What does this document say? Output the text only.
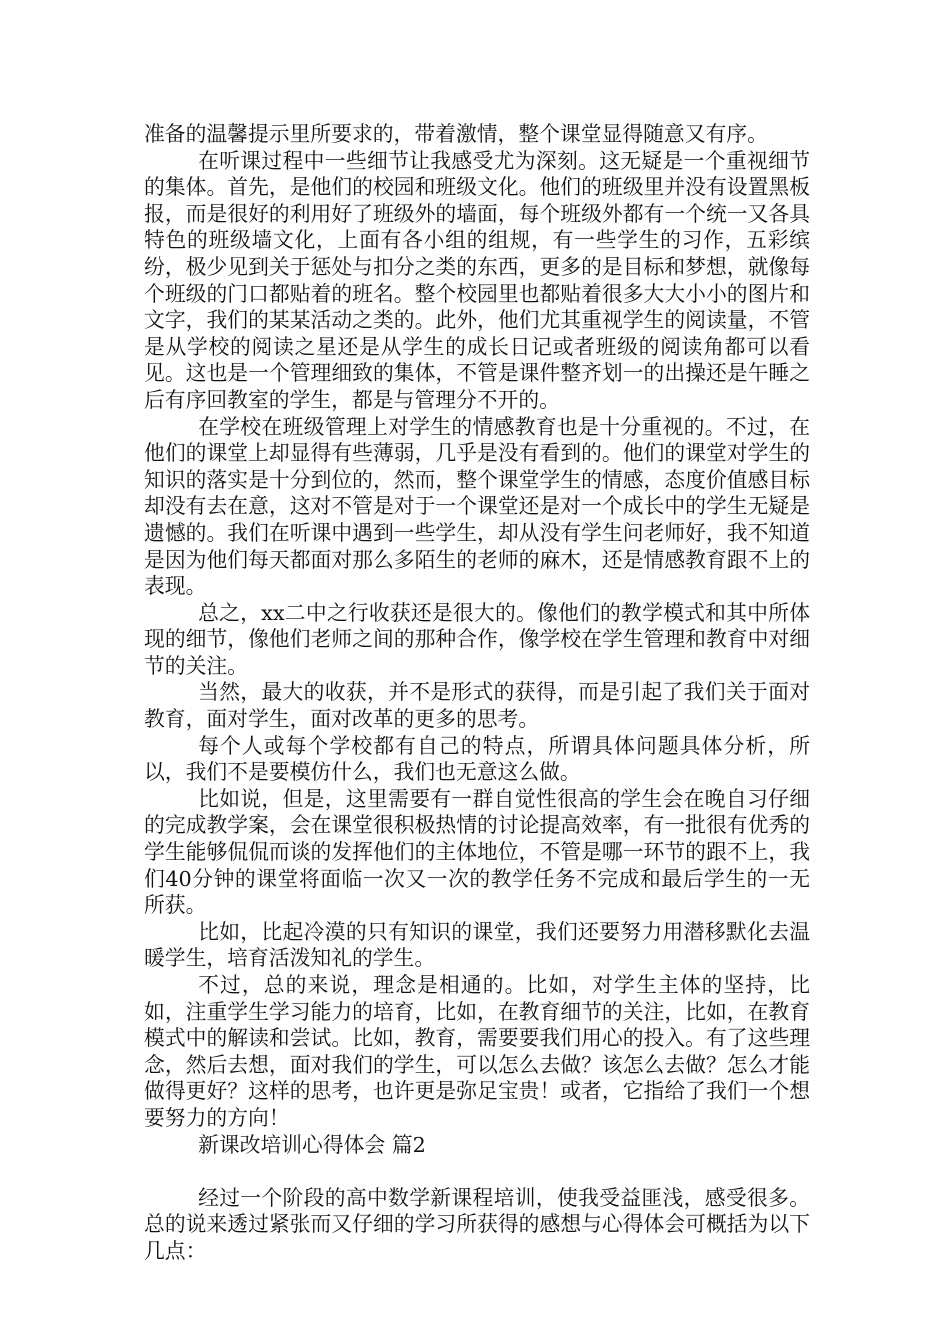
准备的温馨提示里所要求的，带着激情，整个课堂显得随意又有序。

在听课过程中一些细节让我感受尤为深刻。这无疑是一个重视细节的集体。首先，是他们的校园和班级文化。他们的班级里并没有设置黑板报，而是很好的利用好了班级外的墙面，每个班级外都有一个统一又各具特色的班级墙文化，上面有各小组的组规，有一些学生的习作，五彩缤纷，极少见到关于惩处与扣分之类的东西，更多的是目标和梦想，就像每个班级的门口都贴着的班名。整个校园里也都贴着很多大大小小的图片和文字，我们的某某活动之类的。此外，他们尤其重视学生的阅读量，不管是从学校的阅读之星还是从学生的成长日记或者班级的阅读角都可以看见。这也是一个管理细致的集体，不管是课件整齐划一的出操还是午睡之后有序回教室的学生，都是与管理分不开的。

在学校在班级管理上对学生的情感教育也是十分重视的。不过，在他们的课堂上却显得有些薄弱，几乎是没有看到的。他们的课堂对学生的知识的落实是十分到位的，然而，整个课堂学生的情感，态度价值感目标却没有去在意，这对不管是对于一个课堂还是对一个成长中的学生无疑是遗憾的。我们在听课中遇到一些学生，却从没有学生问老师好，我不知道是因为他们每天都面对那么多陌生的老师的麻木，还是情感教育跟不上的表现。

总之，xx二中之行收获还是很大的。像他们的教学模式和其中所体现的细节，像他们老师之间的那种合作，像学校在学生管理和教育中对细节的关注。

当然，最大的收获，并不是形式的获得，而是引起了我们关于面对教育，面对学生，面对改革的更多的思考。

每个人或每个学校都有自己的特点，所谓具体问题具体分析，所以，我们不是要模仿什么，我们也无意这么做。

比如说，但是，这里需要有一群自觉性很高的学生会在晚自习仔细的完成教学案，会在课堂很积极热情的讨论提高效率，有一批很有优秀的学生能够侃侃而谈的发挥他们的主体地位，不管是哪一环节的跟不上，我们40分钟的课堂将面临一次又一次的教学任务不完成和最后学生的一无所获。

比如，比起冷漠的只有知识的课堂，我们还要努力用潜移默化去温暖学生，培育活泼知礼的学生。

不过，总的来说，理念是相通的。比如，对学生主体的坚持，比如，注重学生学习能力的培育，比如，在教育细节的关注，比如，在教育模式中的解读和尝试。比如，教育，需要要我们用心的投入。有了这些理念，然后去想，面对我们的学生，可以怎么去做？该怎么去做？怎么才能做得更好？这样的思考，也许更是弥足宝贵！或者，它指给了我们一个想要努力的方向！

新课改培训心得体会 篇2

经过一个阶段的高中数学新课程培训，使我受益匪浅，感受很多。总的说来透过紧张而又仔细的学习所获得的感想与心得体会可概括为以下几点：
